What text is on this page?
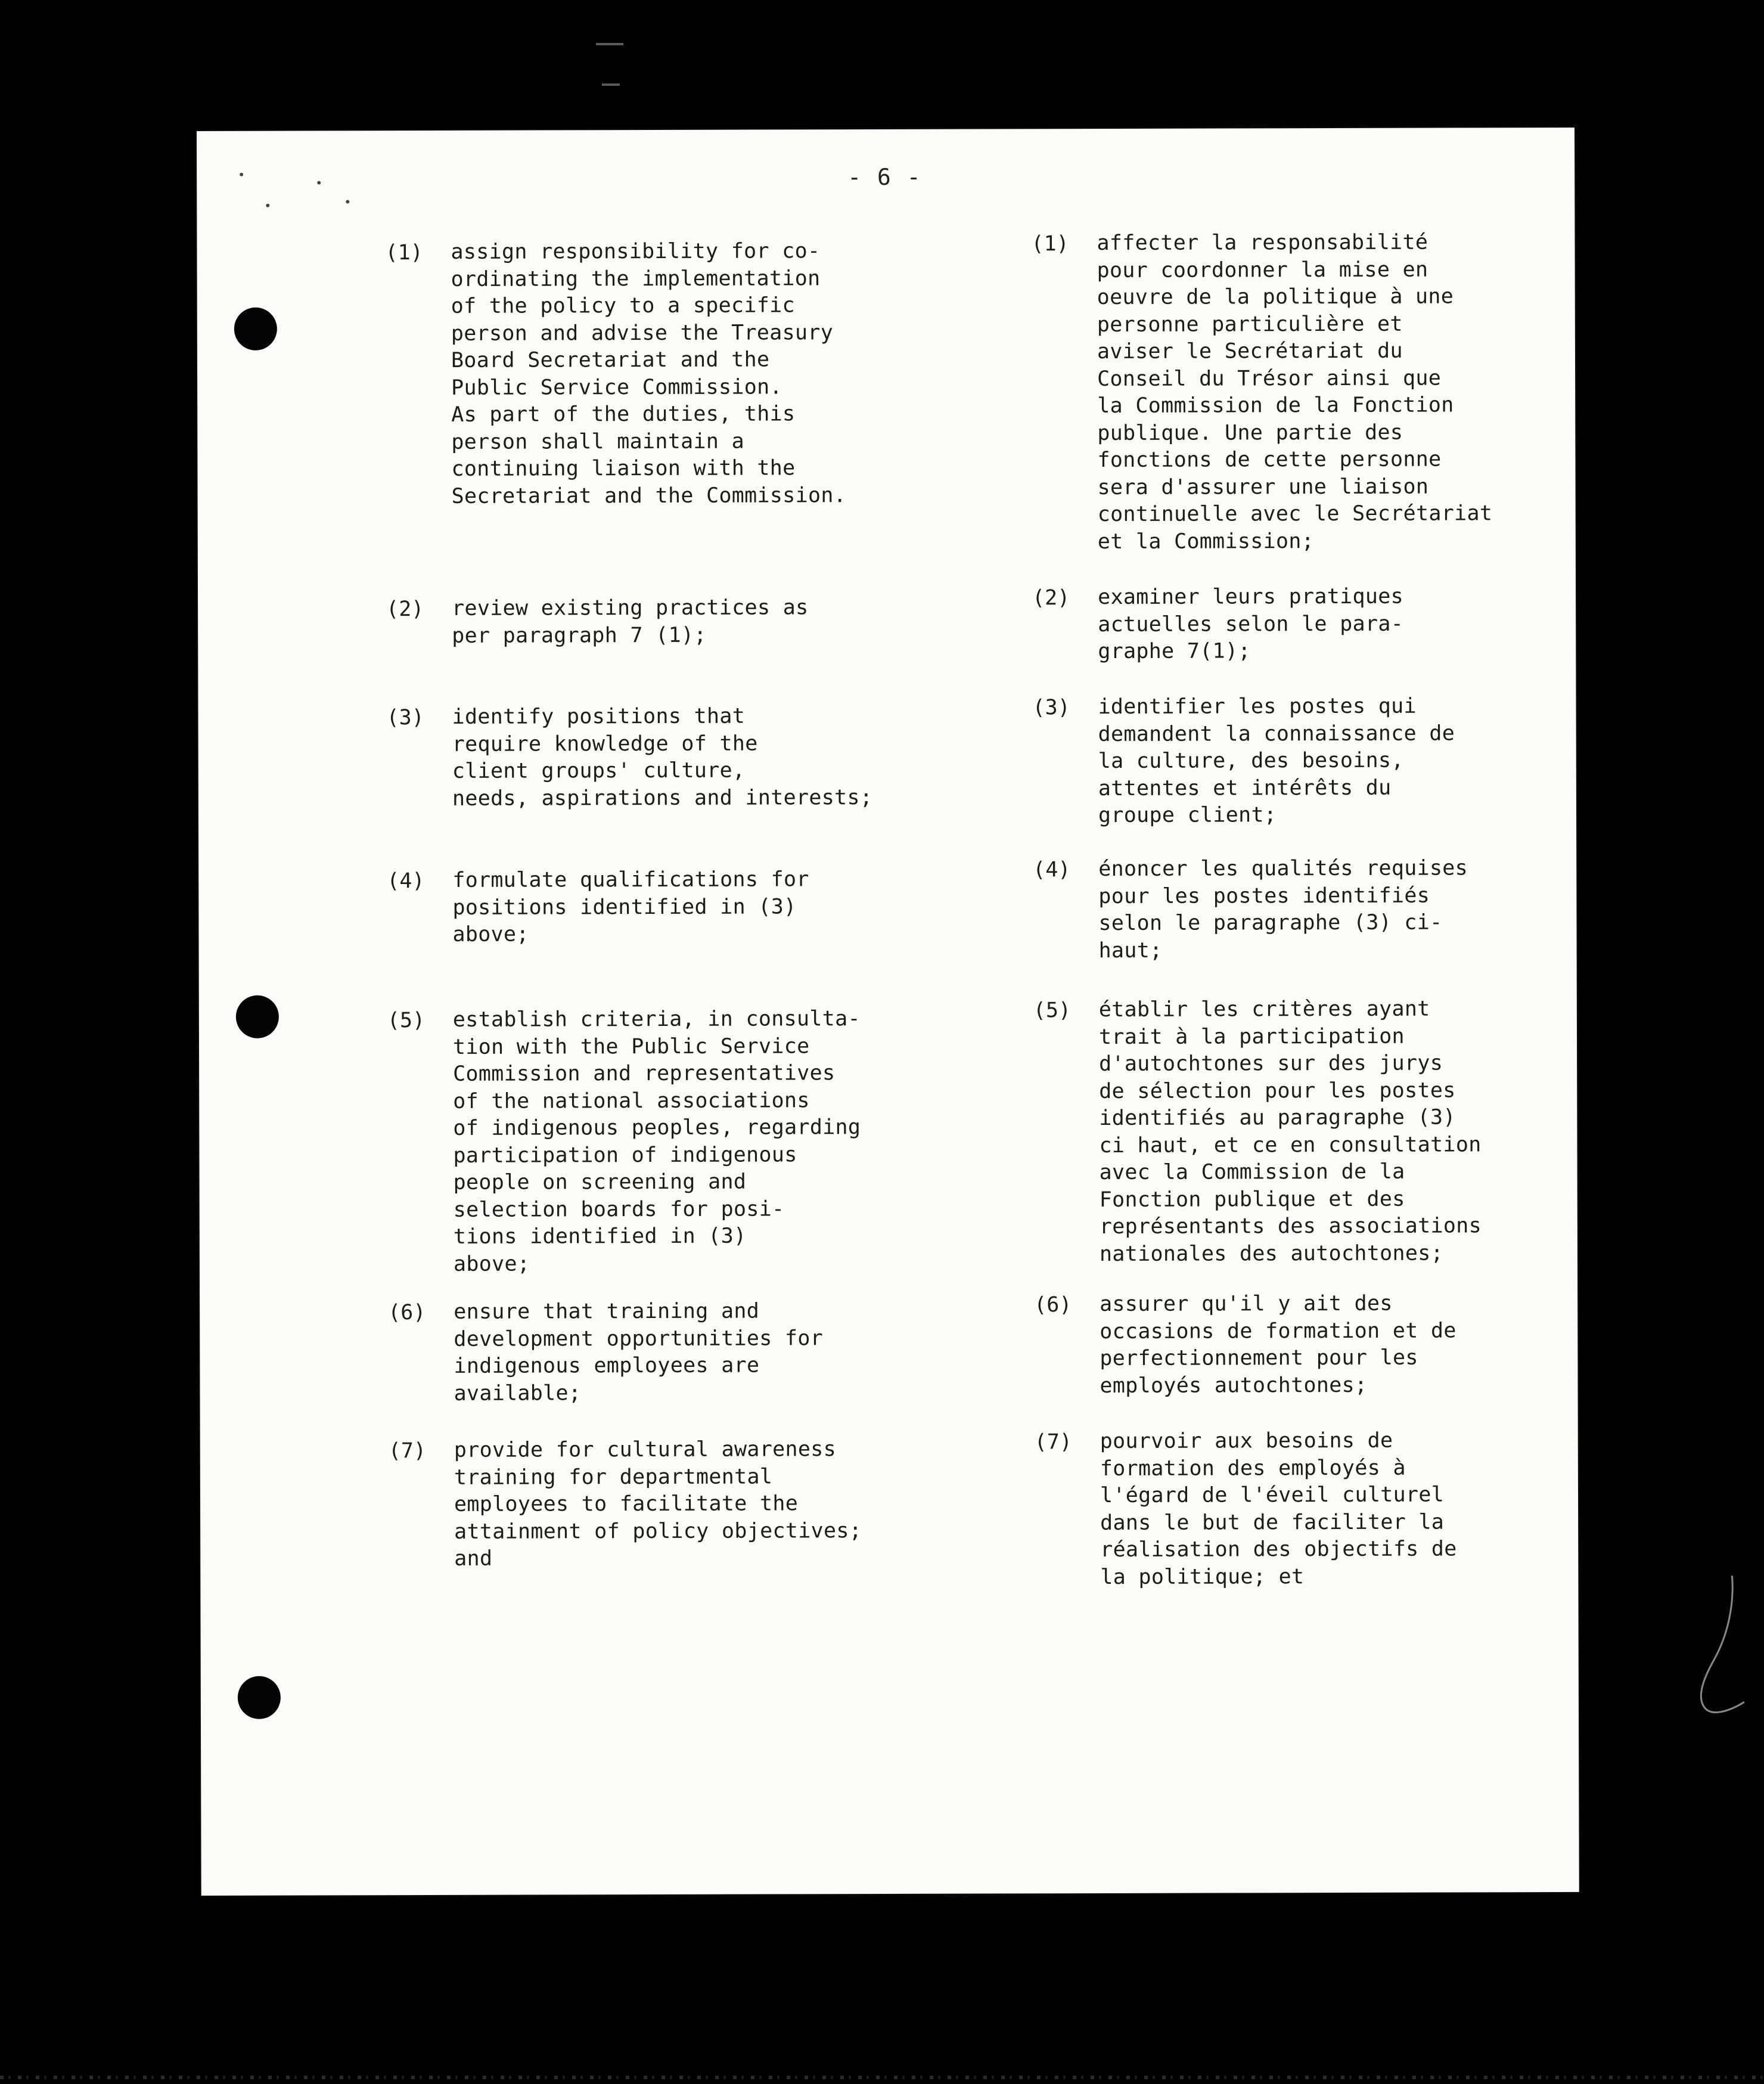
- 6 -
(1) assign responsibility for co-
ordinating the implementation
of the policy to a specific
person and advise the Treasury
Board Secretariat and the
Public Service Commission.
As part of the duties, this
person shall maintain a
continuing liaison with the
Secretariat and the Commission.
(2) review existing practices as
per paragraph 7 (1);
(3) identify positions that
require knowledge of the
client groups' culture,
needs, aspirations and interests;
(4) formulate qualifications for
positions identified in (3)
above;
(5) establish criteria, in consulta-
tion with the Public Service
Commission and representatives
of the national associations
of indigenous peoples, regarding
participation of indigenous
people on screening and
selection boards for posi-
tions identified in (3)
above;
(6) ensure that training and
development opportunities for
indigenous employees are
available;
(7) provide for cultural awareness
training for departmental
employees to facilitate the
attainment of policy objectives;
and
(1) affecter la responsabilité
pour coordonner la mise en
oeuvre de la politique à une
personne particulière et
aviser le Secrétariat du
Conseil du Trésor ainsi que
la Commission de la Fonction
publique. Une partie des
fonctions de cette personne
sera d'assurer une liaison
continuelle avec le Secrétariat
et la Commission;
(2) examiner leurs pratiques
actuelles selon le para-
graphe 7(1);
(3) identifier les postes qui
demandent la connaissance de
la culture, des besoins,
attentes et intérêts du
groupe client;
(4) énoncer les qualités requises
pour les postes identifiés
selon le paragraphe (3) ci-
haut;
(5) établir les critères ayant
trait à la participation
d'autochtones sur des jurys
de sélection pour les postes
identifiés au paragraphe (3)
ci haut, et ce en consultation
avec la Commission de la
Fonction publique et des
représentants des associations
nationales des autochtones;
(6) assurer qu'il y ait des
occasions de formation et de
perfectionnement pour les
employés autochtones;
(7) pourvoir aux besoins de
formation des employés à
l'égard de l'éveil culturel
dans le but de faciliter la
réalisation des objectifs de
la politique; et
